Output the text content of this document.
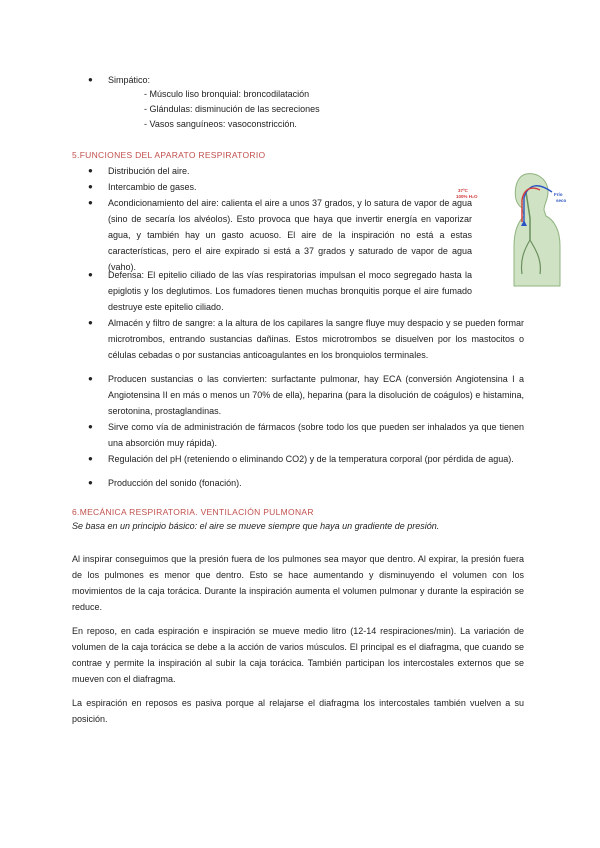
● Simpático:
- Músculo liso bronquial: broncodilatación
- Glándulas: disminución de las secreciones
- Vasos sanguíneos: vasoconstricción.
5.FUNCIONES DEL APARATO RESPIRATORIO
● Distribución del aire.
● Intercambio de gases.
● Acondicionamiento del aire: calienta el aire a unos 37 grados, y lo satura de vapor de agua (sino de secaría los alvéolos). Esto provoca que haya que invertir energía en vaporizar agua, y también hay un gasto acuoso. El aire de la inspiración no está a estas características, pero el aire expirado si está a 37 grados y saturado de vapor de agua (vaho).
● Defensa: El epitelio ciliado de las vías respiratorias impulsan el moco segregado hasta la epiglotis y los deglutimos. Los fumadores tienen muchas bronquitis porque el aire fumado destruye este epitelio ciliado.
● Almacén y filtro de sangre: a la altura de los capilares la sangre fluye muy despacio y se pueden formar microtrombos, entrando sustancias dañinas. Estos microtrombos se disuelven por los mastocitos o células cebadas o por sustancias anticoagulantes en los bronquiolos terminales.
● Producen sustancias o las convierten: surfactante pulmonar, hay ECA (conversión Angiotensina I a Angiotensina II en más o menos un 70% de ella), heparina (para la disolución de coágulos) e histamina, serotonina, prostaglandinas.
● Sirve como vía de administración de fármacos (sobre todo los que pueden ser inhalados ya que tienen una absorción muy rápida).
● Regulación del pH (reteniendo o eliminando CO2) y de la temperatura corporal (por pérdida de agua).
● Producción del sonido (fonación).
37ºC
100% H₂O	Frío
seco
6.MECÁNICA RESPIRATORIA. VENTILACIÓN PULMONAR
Se basa en un principio básico: el aire se mueve siempre que haya un gradiente de presión.
Al inspirar conseguimos que la presión fuera de los pulmones sea mayor que dentro. Al expirar, la presión fuera de los pulmones es menor que dentro. Esto se hace aumentando y disminuyendo el volumen con los movimientos de la caja torácica. Durante la inspiración aumenta el volumen pulmonar y durante la espiración se reduce.
En reposo, en cada espiración e inspiración se mueve medio litro (12-14 respiraciones/min). La variación de volumen de la caja torácica se debe a la acción de varios músculos. El principal es el diafragma, que cuando se contrae y permite la inspiración al subir la caja torácica. También participan los intercostales externos que se mueven con el diafragma.
La espiración en reposos es pasiva porque al relajarse el diafragma los intercostales también vuelven a su posición.
